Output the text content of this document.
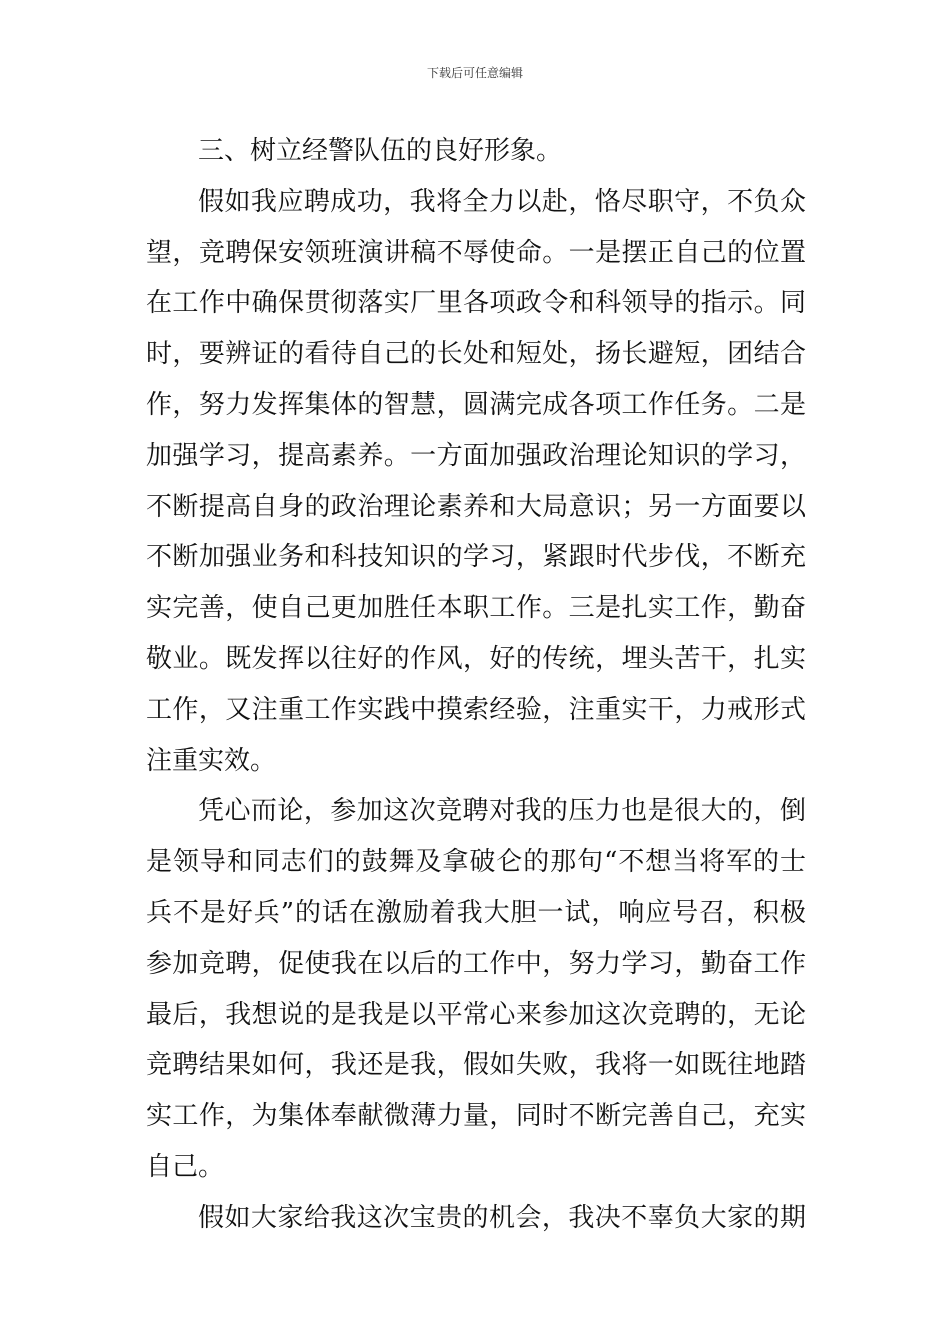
下载后可任意编辑
三、树立经警队伍的良好形象。
假如我应聘成功，我将全力以赴，恪尽职守，不负众
望，竞聘保安领班演讲稿不辱使命。一是摆正自己的位置
在工作中确保贯彻落实厂里各项政令和科领导的指示。同
时，要辨证的看待自己的长处和短处，扬长避短，团结合
作，努力发挥集体的智慧，圆满完成各项工作任务。二是
加强学习，提高素养。一方面加强政治理论知识的学习，
不断提高自身的政治理论素养和大局意识；另一方面要以
不断加强业务和科技知识的学习，紧跟时代步伐，不断充
实完善，使自己更加胜任本职工作。三是扎实工作，勤奋
敬业。既发挥以往好的作风，好的传统，埋头苦干，扎实
工作，又注重工作实践中摸索经验，注重实干，力戒形式
注重实效。
凭心而论，参加这次竞聘对我的压力也是很大的，倒
是领导和同志们的鼓舞及拿破仑的那句“不想当将军的士
兵不是好兵”的话在激励着我大胆一试，响应号召，积极
参加竞聘，促使我在以后的工作中，努力学习，勤奋工作
最后，我想说的是我是以平常心来参加这次竞聘的，无论
竞聘结果如何，我还是我，假如失败，我将一如既往地踏
实工作，为集体奉献微薄力量，同时不断完善自己，充实
自己。
假如大家给我这次宝贵的机会，我决不辜负大家的期
